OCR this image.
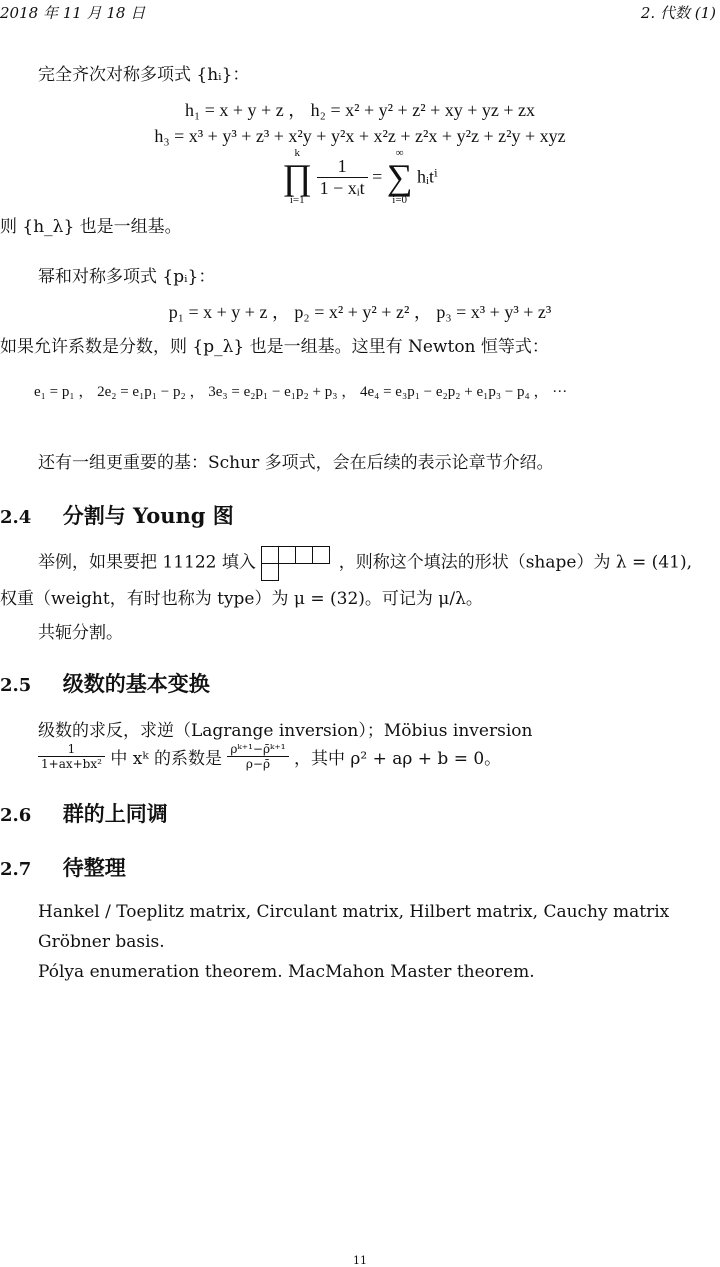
2018 年 11 月 18 日	2. 代数 (1)
完全齐次对称多项式 {hᵢ}：
h₁ = x + y + z ， h₂ = x² + y² + z² + xy + yz + zx
h₃ = x³ + y³ + z³ + x²y + y²x + x²z + z²x + y²z + z²y + xyz
k
∏
i=1

$\frac{1}{\text{1 − xᵢt}}$ =
∞
∑
i=0
hᵢtⁱ
则 {h_λ} 也是一组基。
幂和对称多项式 {pᵢ}：
p₁ = x + y + z ， p₂ = x² + y² + z² ， p₃ = x³ + y³ + z³
如果允许系数是分数，则 {p_λ} 也是一组基。这里有 Newton 恒等式：
e₁ = p₁ ， 2e₂ = e₁p₁ − p₂ ， 3e₃ = e₂p₁ − e₁p₂ + p₃ ， 4e₄ = e₃p₁ − e₂p₂ + e₁p₃ − p₄ ， ···
还有一组更重要的基：Schur 多项式，会在后续的表示论章节介绍。
2.4 分割与 Young 图
举例，如果要把 11122 填入	，则称这个填法的形状（shape）为 λ = (41),
权重（weight，有时也称为 type）为 μ = (32)。可记为 μ/λ。
共轭分割。
2.5 级数的基本变换
级数的求反，求逆（Lagrange inversion）；Möbius inversion
$\frac{1}{\text{1+ax+bx²}}$ 中 xᵏ 的系数是 $\frac{\text{ρᵏ⁺¹−ρ̄ᵏ⁺¹}}{\rho-\rhō}$ ，其中 ρ² + aρ + b = 0。
2.6 群的上同调
2.7 待整理
Hankel / Toeplitz matrix, Circulant matrix, Hilbert matrix, Cauchy matrix
Gröbner basis.
Pólya enumeration theorem. MacMahon Master theorem.
11
